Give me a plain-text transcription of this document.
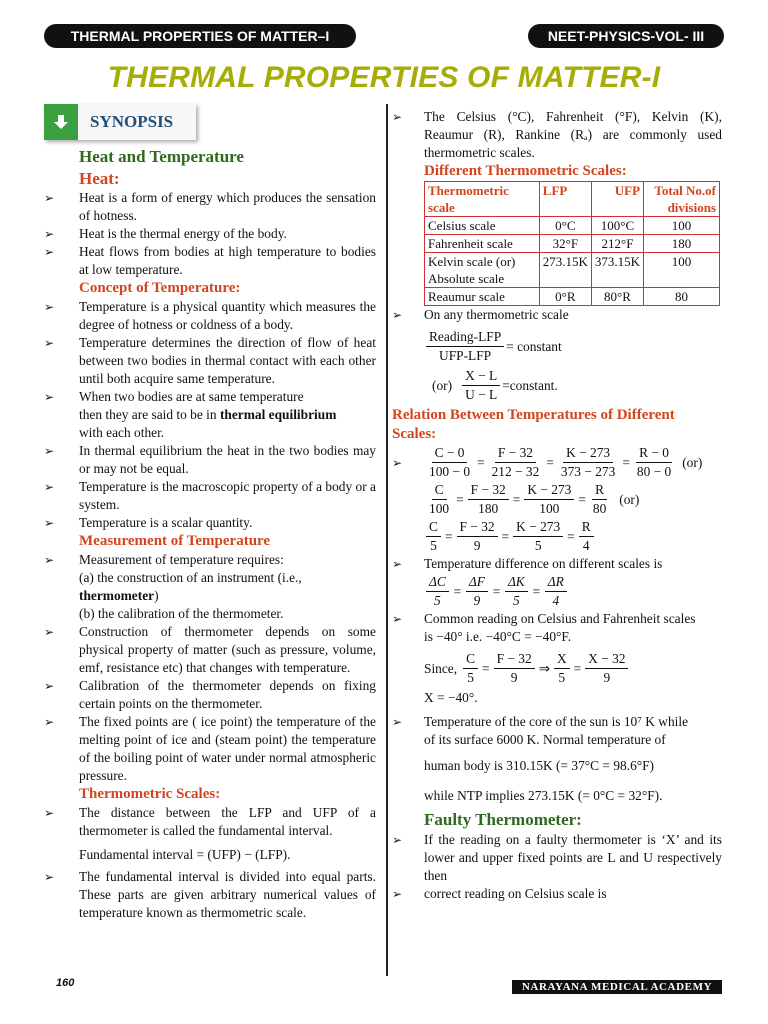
THERMAL PROPERTIES OF MATTER–I	NEET-PHYSICS-VOL- III
THERMAL PROPERTIES OF MATTER-I
SYNOPSIS
Heat and Temperature
Heat:
➢	Heat is a form of energy which produces the sensation of hotness.
➢	Heat is the thermal energy of the body.
➢	Heat flows from bodies at high temperature to bodies at low temperature.
Concept of Temperature:
➢	Temperature is a physical quantity which measures the degree of hotness or coldness of a body.
➢	Temperature determines the direction of flow of heat between two bodies in thermal contact with each other until both acquire same temperature.
➢	When two bodies are at same temperature
then they are said to be in thermal equilibrium
with each other.
➢	In thermal equilibrium the heat in the two bodies may or may not be equal.
➢	Temperature is the macroscopic property of a body or a system.
➢	Temperature is a scalar quantity.
Measurement of Temperature
➢	Measurement of temperature requires:
(a) the construction of an instrument (i.e.,
thermometer)
(b) the calibration of the thermometer.
➢	Construction of thermometer depends on some physical property of matter (such as pressure, volume, emf, resistance etc) that changes with temperature.
➢	Calibration of the thermometer depends on fixing certain points on the thermometer.
➢	The fixed points are ( ice point) the temperature of the melting point of ice and (steam point) the temperature of the boiling point of water under normal atmospheric pressure.
Thermometric Scales:
➢	The distance between the LFP and UFP of a thermometer is called the fundamental interval.
Fundamental interval = (UFP) − (LFP).
➢	The fundamental interval is divided into equal parts. These parts are given arbitrary numerical values of temperature known as thermometric scale.
➢	The Celsius (°C), Fahrenheit (°F), Kelvin (K), Reaumur (R), Rankine (Rₐ) are commonly used thermometric scales.
Different Thermometric Scales:
Thermometric scale	LFP	UFP	Total No.of divisions
Celsius scale	0°C	100°C	100
Fahrenheit scale	32°F	212°F	180
Kelvin scale (or) Absolute scale	273.15K	373.15K	100
Reaumur scale	0°R	80°R	80
➢	On any thermometric scale
$\frac{\text{Reading-LFP}}{\text{UFP-LFP}}$ = constant
$(or) \frac{X - L}{U - L}$ =constant.
Relation Between Temperatures of Different Scales:
➢	$\frac{C - 0}{100 - 0} = \frac{F - 32}{212 - 32} = \frac{K - 273}{373 - 273} = \frac{R - 0}{80 - 0} (or)$
$\frac{C}{100} = \frac{F - 32}{180} = \frac{K - 273}{100} = \frac{R}{80} (or)$
$\frac{C}{5} = \frac{F - 32}{9} = \frac{K - 273}{5} = \frac{R}{4}$
➢	Temperature difference on different scales is
$\frac{\Delta C}{5} = \frac{\Delta F}{9} = \frac{\Delta K}{5} = \frac{\Delta R}{4}$
➢	Common reading on Celsius and Fahrenheit scales
is −40° i.e. −40°C = −40°F.
Since, $\frac{C}{5} = \frac{F - 32}{9}$ ⇒ $\frac{X}{5} = \frac{X - 32}{9}$
X = −40°.
➢	Temperature of the core of the sun is 10⁷ K while
of its surface 6000 K. Normal temperature of
human body is 310.15K (= 37°C = 98.6°F)
while NTP implies 273.15K (= 0°C = 32°F).
Faulty Thermometer:
➢	If the reading on a faulty thermometer is ‘X’ and its lower and upper fixed points are L and U respectively then
➢	correct reading on Celsius scale is
160	NARAYANA MEDICAL ACADEMY
